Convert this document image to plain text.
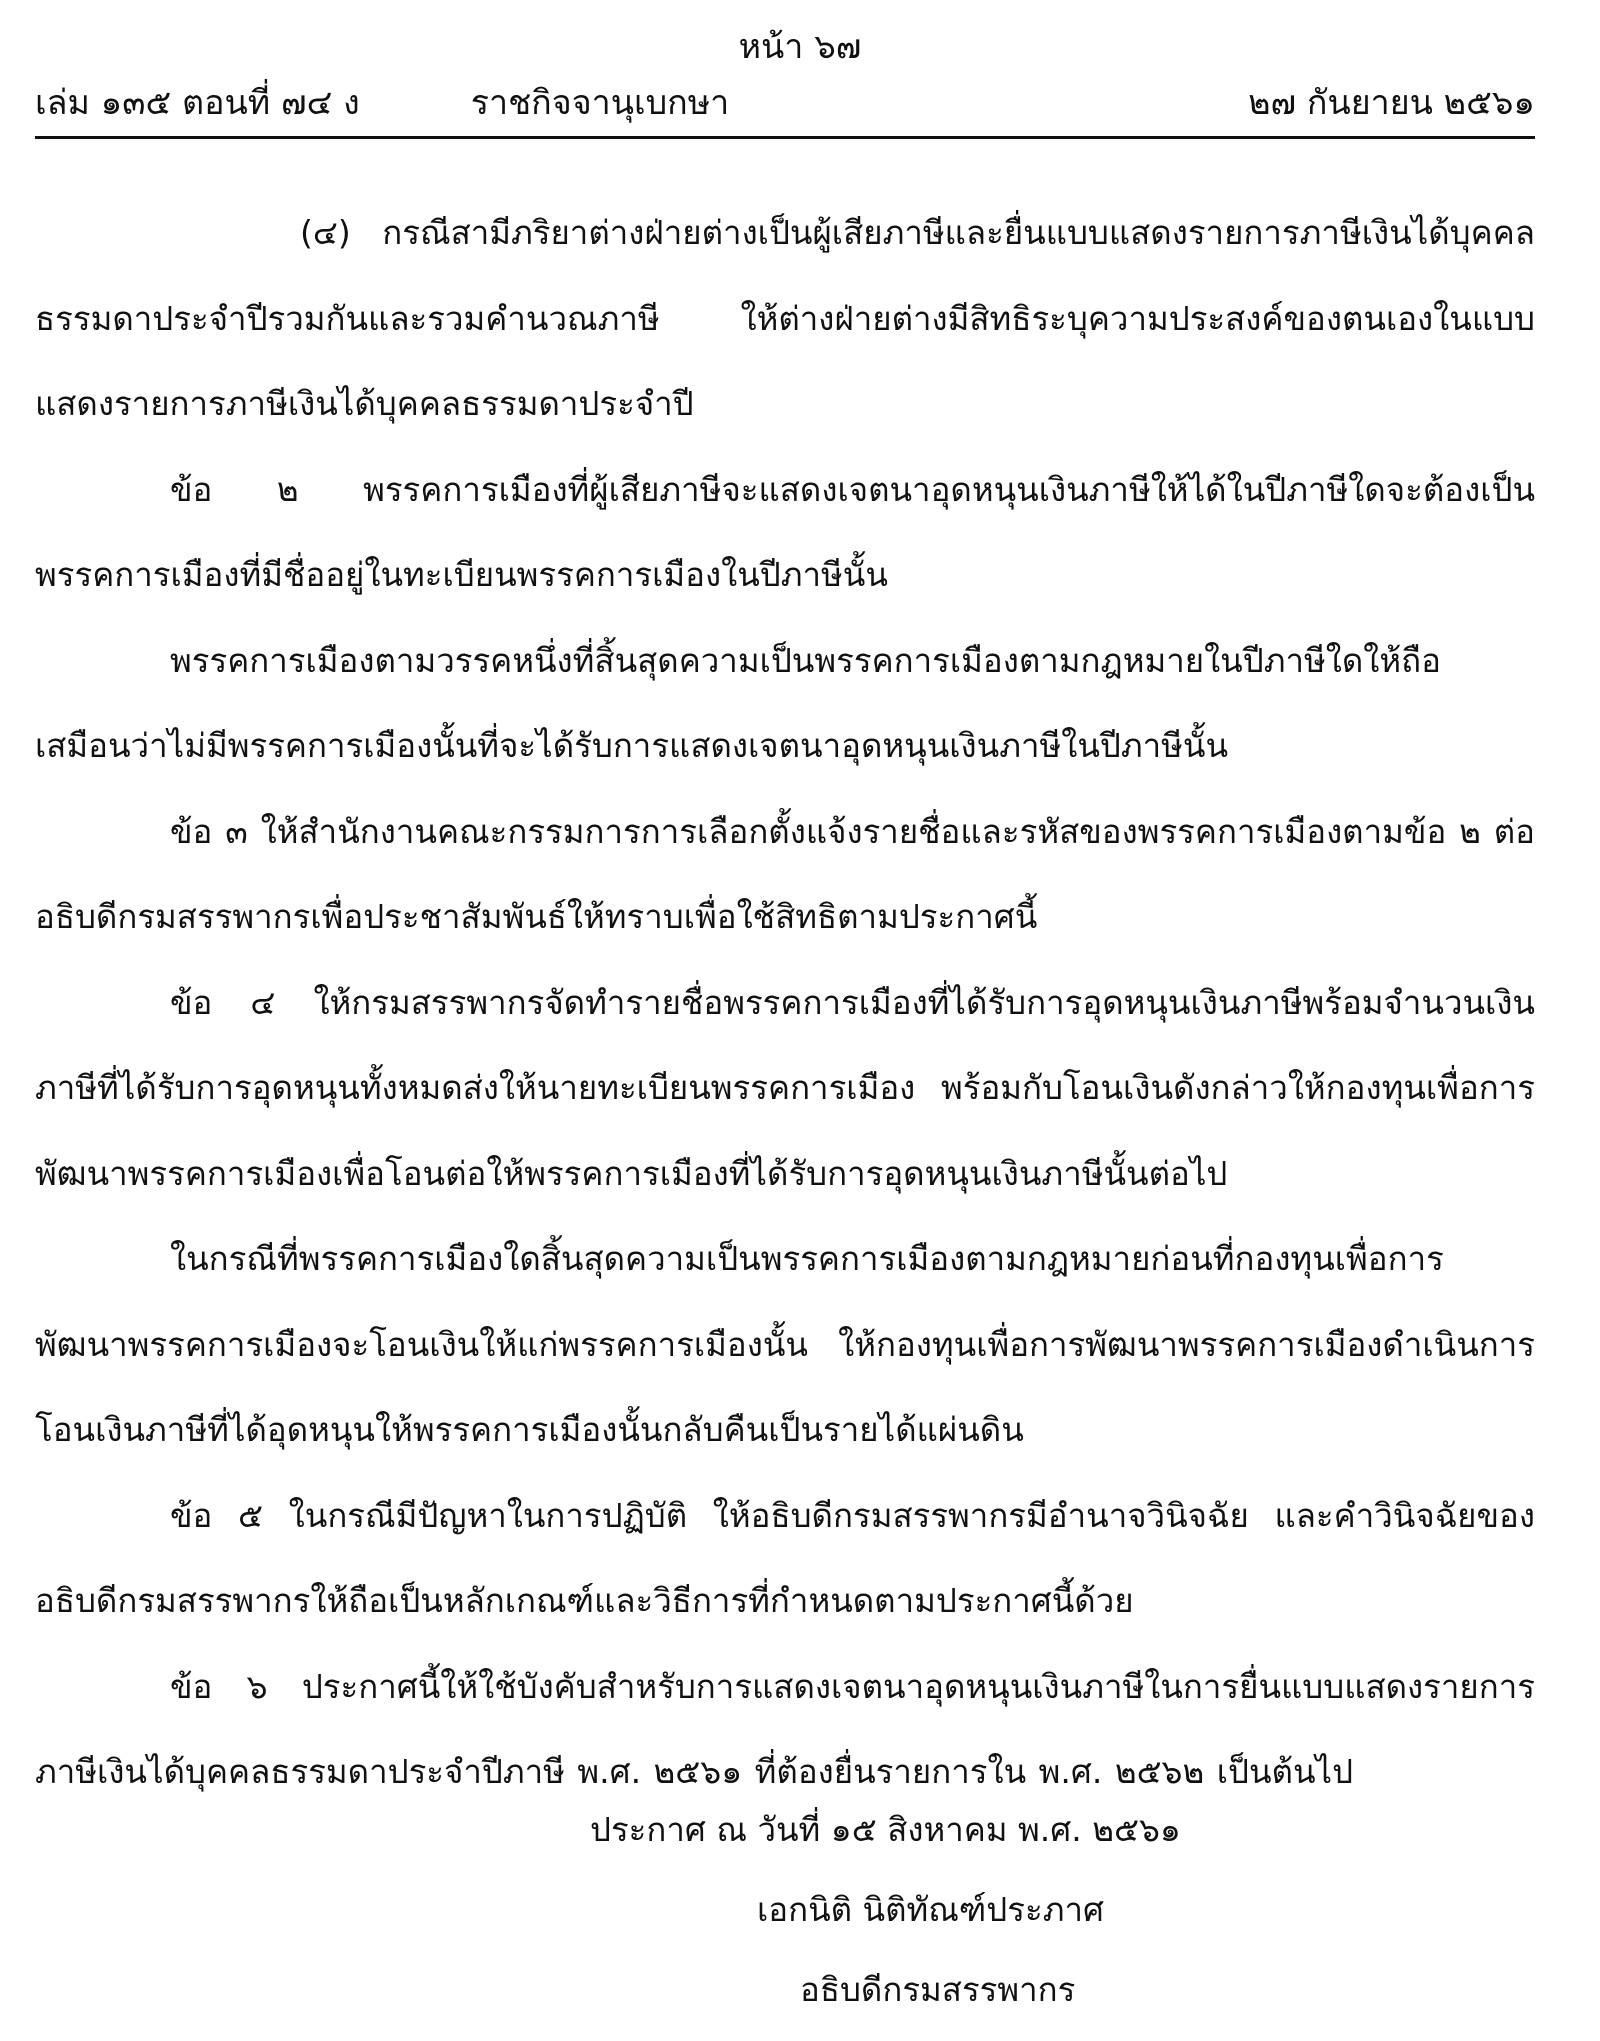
หน้า ๖๗
เล่ม ๑๓๕ ตอนที่ ๗๔ ง	ราชกิจจานุเบกษา	๒๗ กันยายน ๒๕๖๑

(๔) กรณีสามีภริยาต่างฝ่ายต่างเป็นผู้เสียภาษีและยื่นแบบแสดงรายการภาษีเงินได้บุคคลธรรมดาประจำปีรวมกันและรวมคำนวณภาษี ให้ต่างฝ่ายต่างมีสิทธิระบุความประสงค์ของตนเองในแบบแสดงรายการภาษีเงินได้บุคคลธรรมดาประจำปี

ข้อ ๒ พรรคการเมืองที่ผู้เสียภาษีจะแสดงเจตนาอุดหนุนเงินภาษีให้ได้ในปีภาษีใดจะต้องเป็นพรรคการเมืองที่มีชื่ออยู่ในทะเบียนพรรคการเมืองในปีภาษีนั้น

พรรคการเมืองตามวรรคหนึ่งที่สิ้นสุดความเป็นพรรคการเมืองตามกฎหมายในปีภาษีใดให้ถือเสมือนว่าไม่มีพรรคการเมืองนั้นที่จะได้รับการแสดงเจตนาอุดหนุนเงินภาษีในปีภาษีนั้น

ข้อ ๓ ให้สำนักงานคณะกรรมการการเลือกตั้งแจ้งรายชื่อและรหัสของพรรคการเมืองตามข้อ ๒ ต่ออธิบดีกรมสรรพากรเพื่อประชาสัมพันธ์ให้ทราบเพื่อใช้สิทธิตามประกาศนี้

ข้อ ๔ ให้กรมสรรพากรจัดทำรายชื่อพรรคการเมืองที่ได้รับการอุดหนุนเงินภาษีพร้อมจำนวนเงินภาษีที่ได้รับการอุดหนุนทั้งหมดส่งให้นายทะเบียนพรรคการเมือง พร้อมกับโอนเงินดังกล่าวให้กองทุนเพื่อการพัฒนาพรรคการเมืองเพื่อโอนต่อให้พรรคการเมืองที่ได้รับการอุดหนุนเงินภาษีนั้นต่อไป

ในกรณีที่พรรคการเมืองใดสิ้นสุดความเป็นพรรคการเมืองตามกฎหมายก่อนที่กองทุนเพื่อการพัฒนาพรรคการเมืองจะโอนเงินให้แก่พรรคการเมืองนั้น ให้กองทุนเพื่อการพัฒนาพรรคการเมืองดำเนินการโอนเงินภาษีที่ได้อุดหนุนให้พรรคการเมืองนั้นกลับคืนเป็นรายได้แผ่นดิน

ข้อ ๕ ในกรณีมีปัญหาในการปฏิบัติ ให้อธิบดีกรมสรรพากรมีอำนาจวินิจฉัย และคำวินิจฉัยของอธิบดีกรมสรรพากรให้ถือเป็นหลักเกณฑ์และวิธีการที่กำหนดตามประกาศนี้ด้วย

ข้อ ๖ ประกาศนี้ให้ใช้บังคับสำหรับการแสดงเจตนาอุดหนุนเงินภาษีในการยื่นแบบแสดงรายการภาษีเงินได้บุคคลธรรมดาประจำปีภาษี พ.ศ. ๒๕๖๑ ที่ต้องยื่นรายการใน พ.ศ. ๒๕๖๒ เป็นต้นไป

ประกาศ ณ วันที่ ๑๕ สิงหาคม พ.ศ. ๒๕๖๑
เอกนิติ นิติทัณฑ์ประภาศ
อธิบดีกรมสรรพากร
